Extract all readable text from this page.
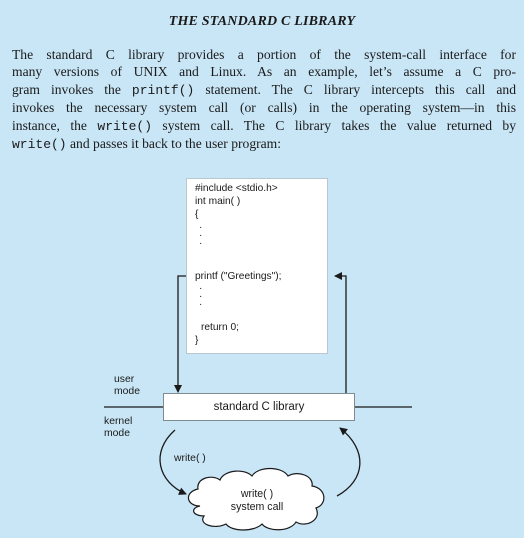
THE STANDARD C LIBRARY
The standard C library provides a portion of the system-call interface for
many versions of UNIX and Linux. As an example, let’s assume a C pro-
gram invokes the printf() statement. The C library intercepts this call and
invokes the necessary system call (or calls) in the operating system—in this
instance, the write() system call. The C library takes the value returned by
write() and passes it back to the user program:
#include <stdio.h>
int main( )
{
·
·
·
printf ("Greetings");
·
·
·
return 0;
}
standard C library
user
mode
kernel
mode
write( )
write( )
system call
